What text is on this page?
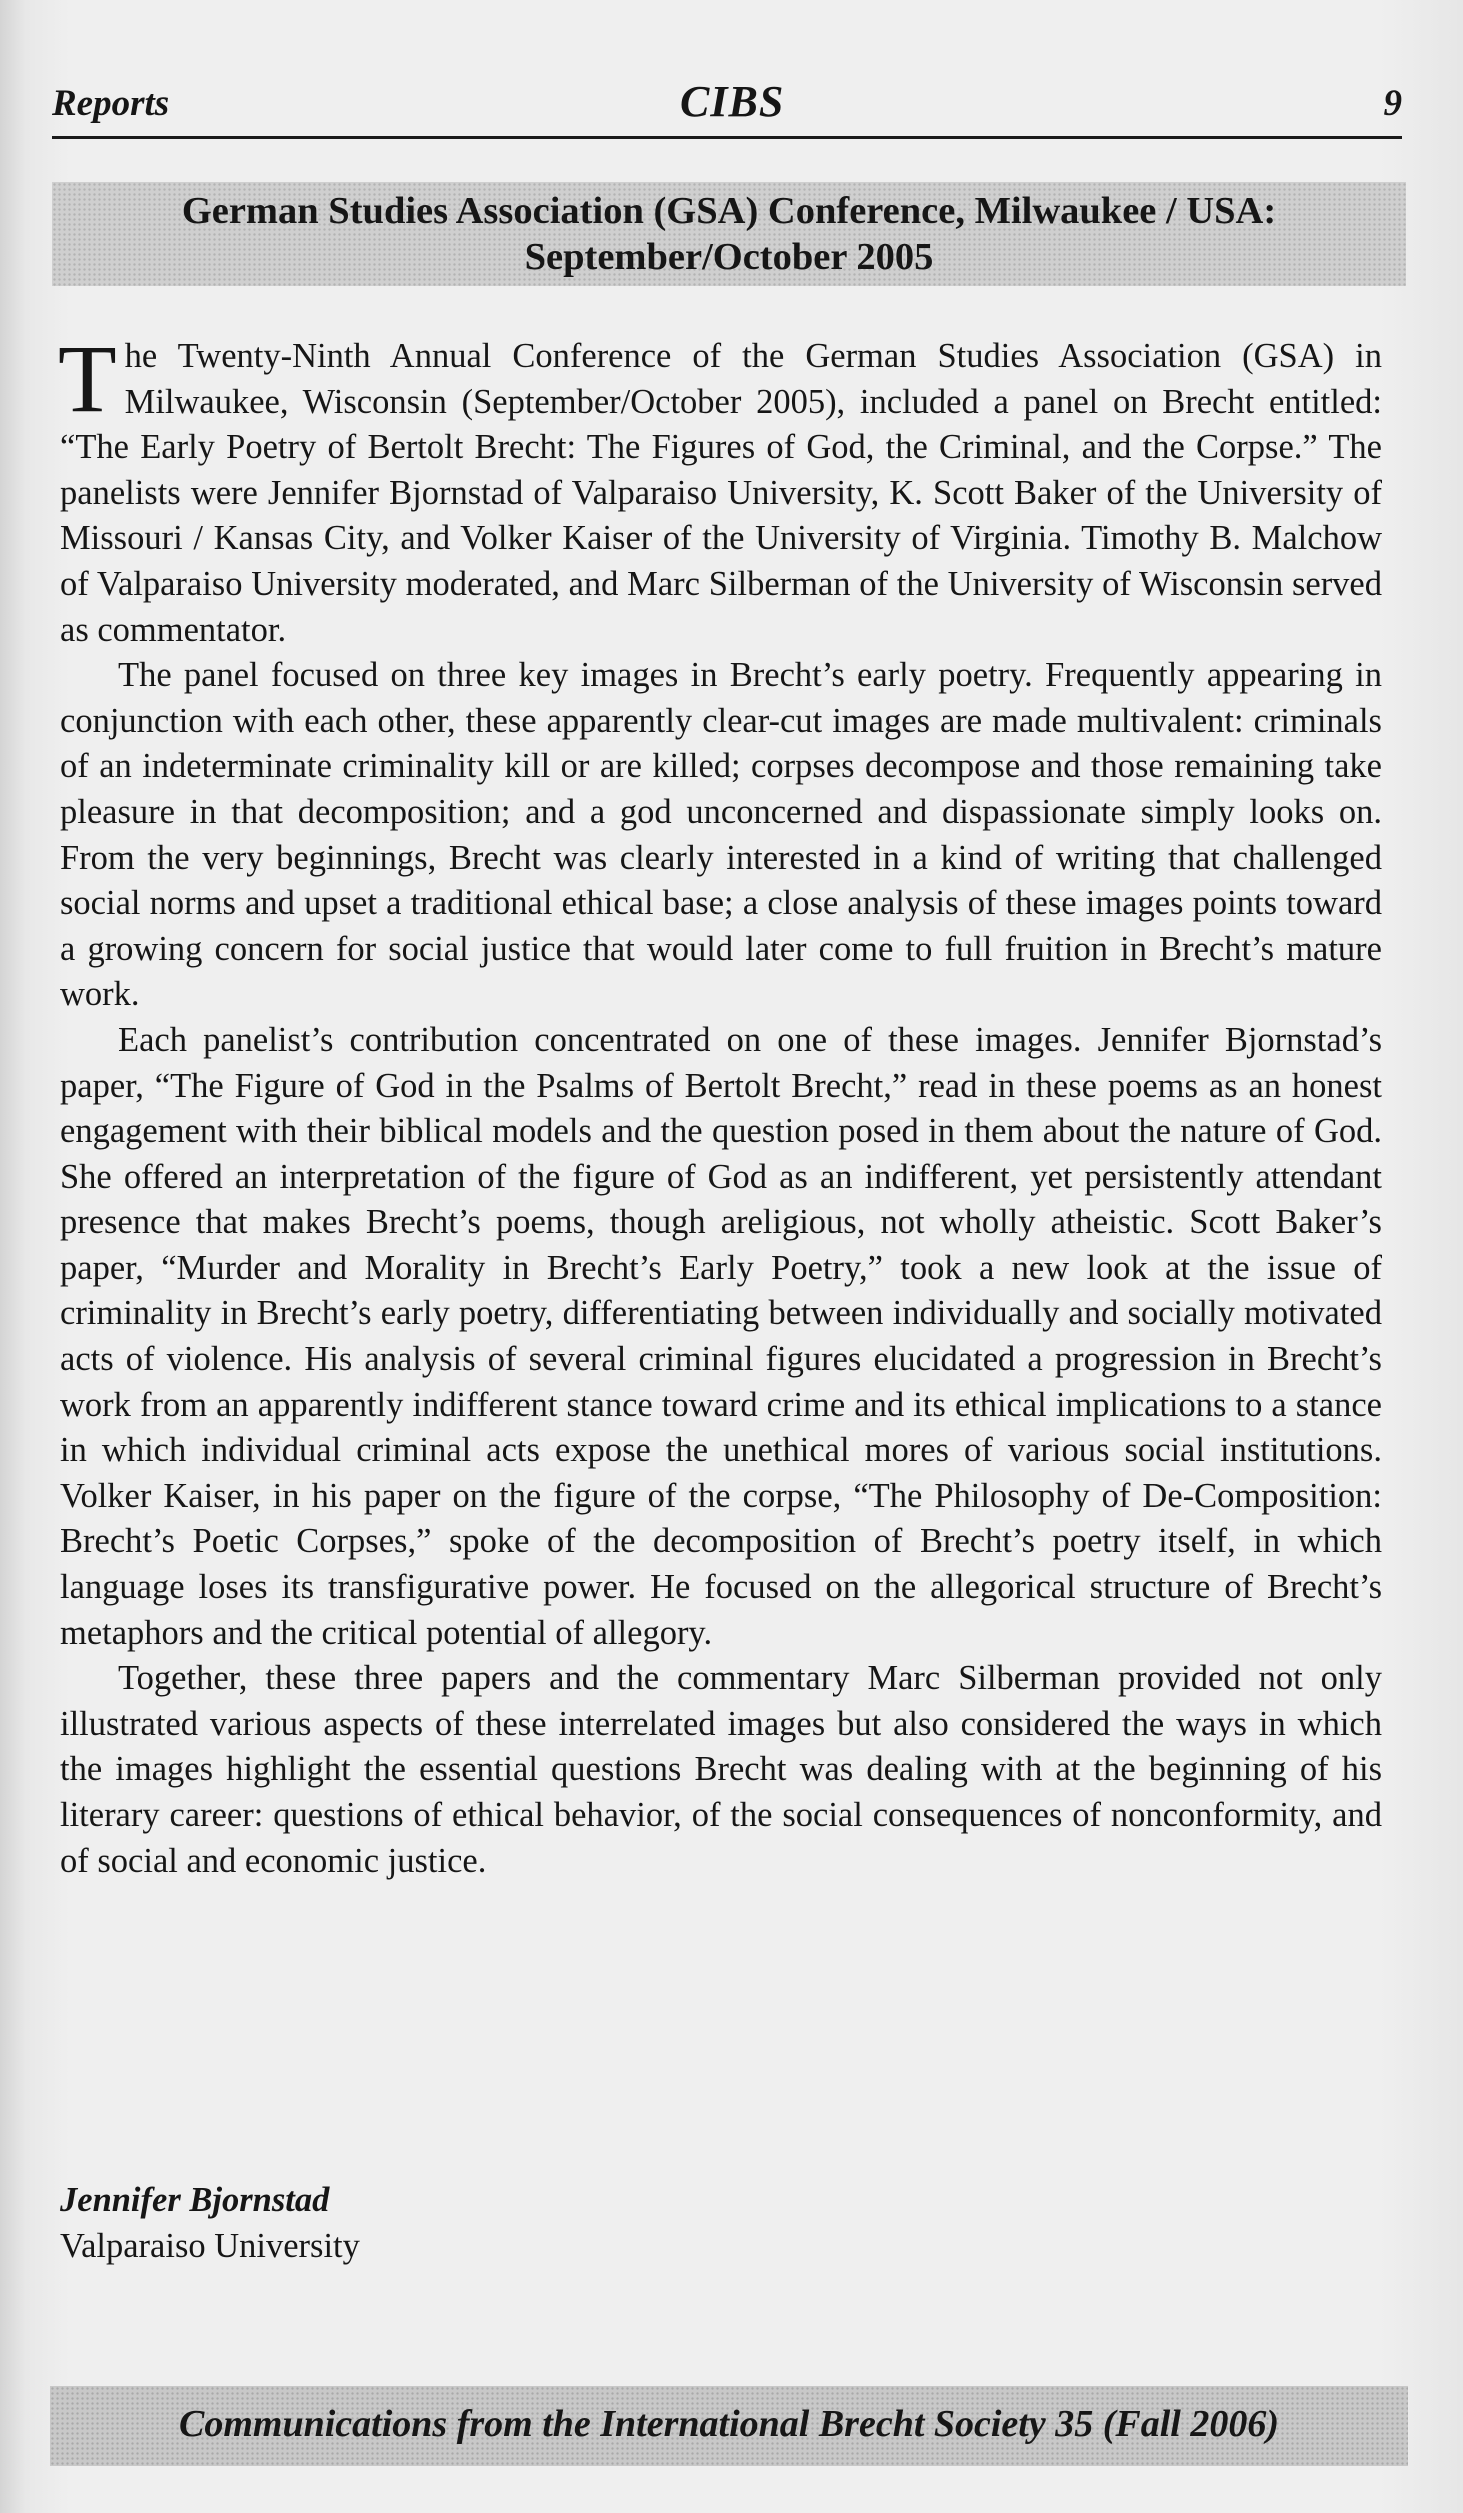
Reports	CIBS	9
German Studies Association (GSA) Conference, Milwaukee / USA:
September/October 2005

The Twenty-Ninth Annual Conference of the German Studies Association (GSA) in Milwaukee, Wisconsin (September/October 2005), included a panel on Brecht entitled: “The Early Poetry of Bertolt Brecht: The Figures of God, the Criminal, and the Corpse.” The panelists were Jennifer Bjornstad of Valparaiso University, K. Scott Baker of the University of Missouri / Kansas City, and Volker Kaiser of the University of Virginia. Timothy B. Malchow of Valparaiso University moderated, and Marc Silberman of the University of Wisconsin served as commentator.

The panel focused on three key images in Brecht’s early poetry. Frequently appearing in conjunction with each other, these apparently clear-cut images are made multivalent: criminals of an indeterminate criminality kill or are killed; corpses decompose and those remaining take pleasure in that decomposition; and a god unconcerned and dispassionate simply looks on. From the very beginnings, Brecht was clearly interested in a kind of writing that challenged social norms and upset a traditional ethical base; a close analysis of these images points toward a growing concern for social justice that would later come to full fruition in Brecht’s mature work.

Each panelist’s contribution concentrated on one of these images. Jennifer Bjornstad’s paper, “The Figure of God in the Psalms of Bertolt Brecht,” read in these poems as an honest engagement with their biblical models and the question posed in them about the nature of God. She offered an interpretation of the figure of God as an indifferent, yet persistently attendant presence that makes Brecht’s poems, though areligious, not wholly atheistic. Scott Baker’s paper, “Murder and Morality in Brecht’s Early Poetry,” took a new look at the issue of criminality in Brecht’s early poetry, differentiating between individually and socially motivated acts of violence. His analysis of several criminal figures elucidated a progression in Brecht’s work from an apparently indifferent stance toward crime and its ethical implications to a stance in which individual criminal acts expose the unethical mores of various social institutions. Volker Kaiser, in his paper on the figure of the corpse, “The Philosophy of De-Composition: Brecht’s Poetic Corpses,” spoke of the decomposition of Brecht’s poetry itself, in which language loses its transfigurative power. He focused on the allegorical structure of Brecht’s metaphors and the critical potential of allegory.

Together, these three papers and the commentary Marc Silberman provided not only illustrated various aspects of these interrelated images but also considered the ways in which the images highlight the essential questions Brecht was dealing with at the beginning of his literary career: questions of ethical behavior, of the social consequences of nonconformity, and of social and economic justice.

Jennifer Bjornstad
Valparaiso University
Communications from the International Brecht Society 35 (Fall 2006)
